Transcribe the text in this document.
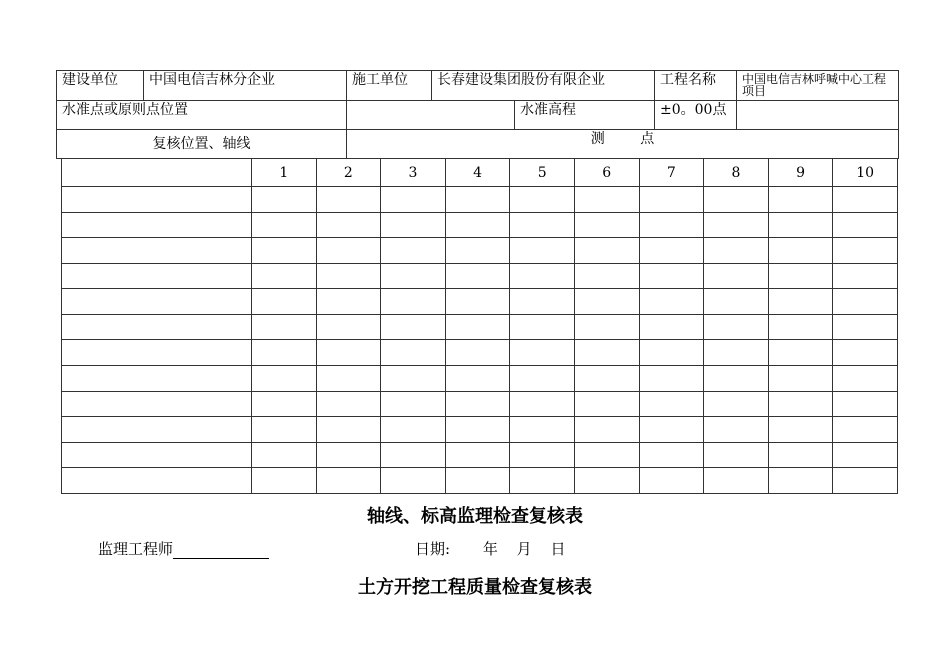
建设单位	中国电信吉林分企业	施工单位	长春建设集团股份有限企业		工程名称	中国电信吉林呼喊中心工程项目
水准点或原则点位置				水准高程	±0。00点	
复核位置、轴线		测        点				
	1	2	3	4	5	6	7	8	9	10

轴线、标高监理检查复核表
监理工程师	日期: 年 月 日
土方开挖工程质量检查复核表
